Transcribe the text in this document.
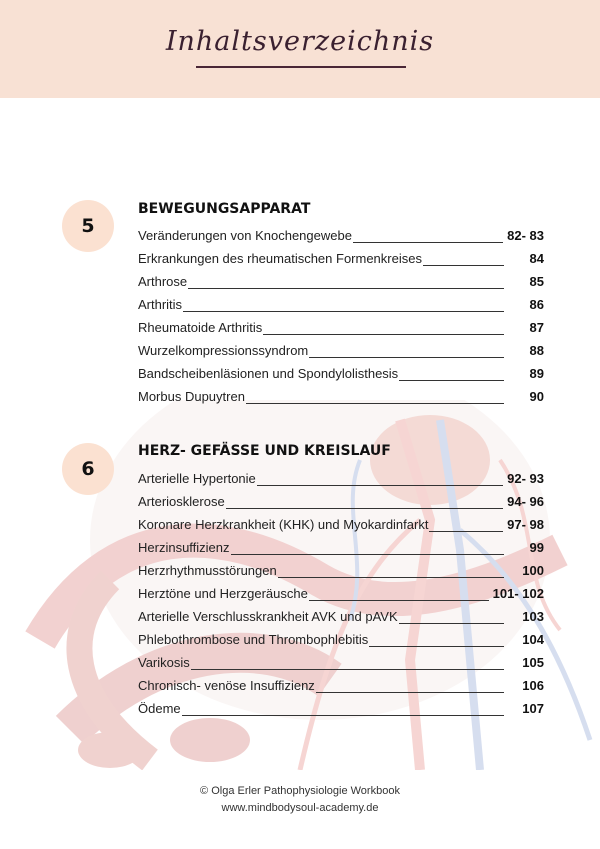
Inhaltsverzeichnis
5
BEWEGUNGSAPPARAT
Veränderungen von Knochengewebe	82- 83
Erkrankungen des rheumatischen Formenkreises	84
Arthrose	85
Arthritis	86
Rheumatoide Arthritis	87
Wurzelkompressionssyndrom	88
Bandscheibenläsionen und Spondylolisthesis	89
Morbus Dupuytren	90
6
HERZ- GEFÄSSE UND KREISLAUF
Arterielle Hypertonie	92- 93
Arteriosklerose	94- 96
Koronare Herzkrankheit (KHK) und Myokardinfarkt	97- 98
Herzinsuffizienz	99
Herzrhythmusstörungen	100
Herztöne und Herzgeräusche	101- 102
Arterielle Verschlusskrankheit AVK und pAVK	103
Phlebothrombose und Thrombophlebitis	104
Varikosis	105
Chronisch- venöse Insuffizienz	106
Ödeme	107
© Olga Erler Pathophysiologie Workbook
www.mindbodysoul-academy.de
